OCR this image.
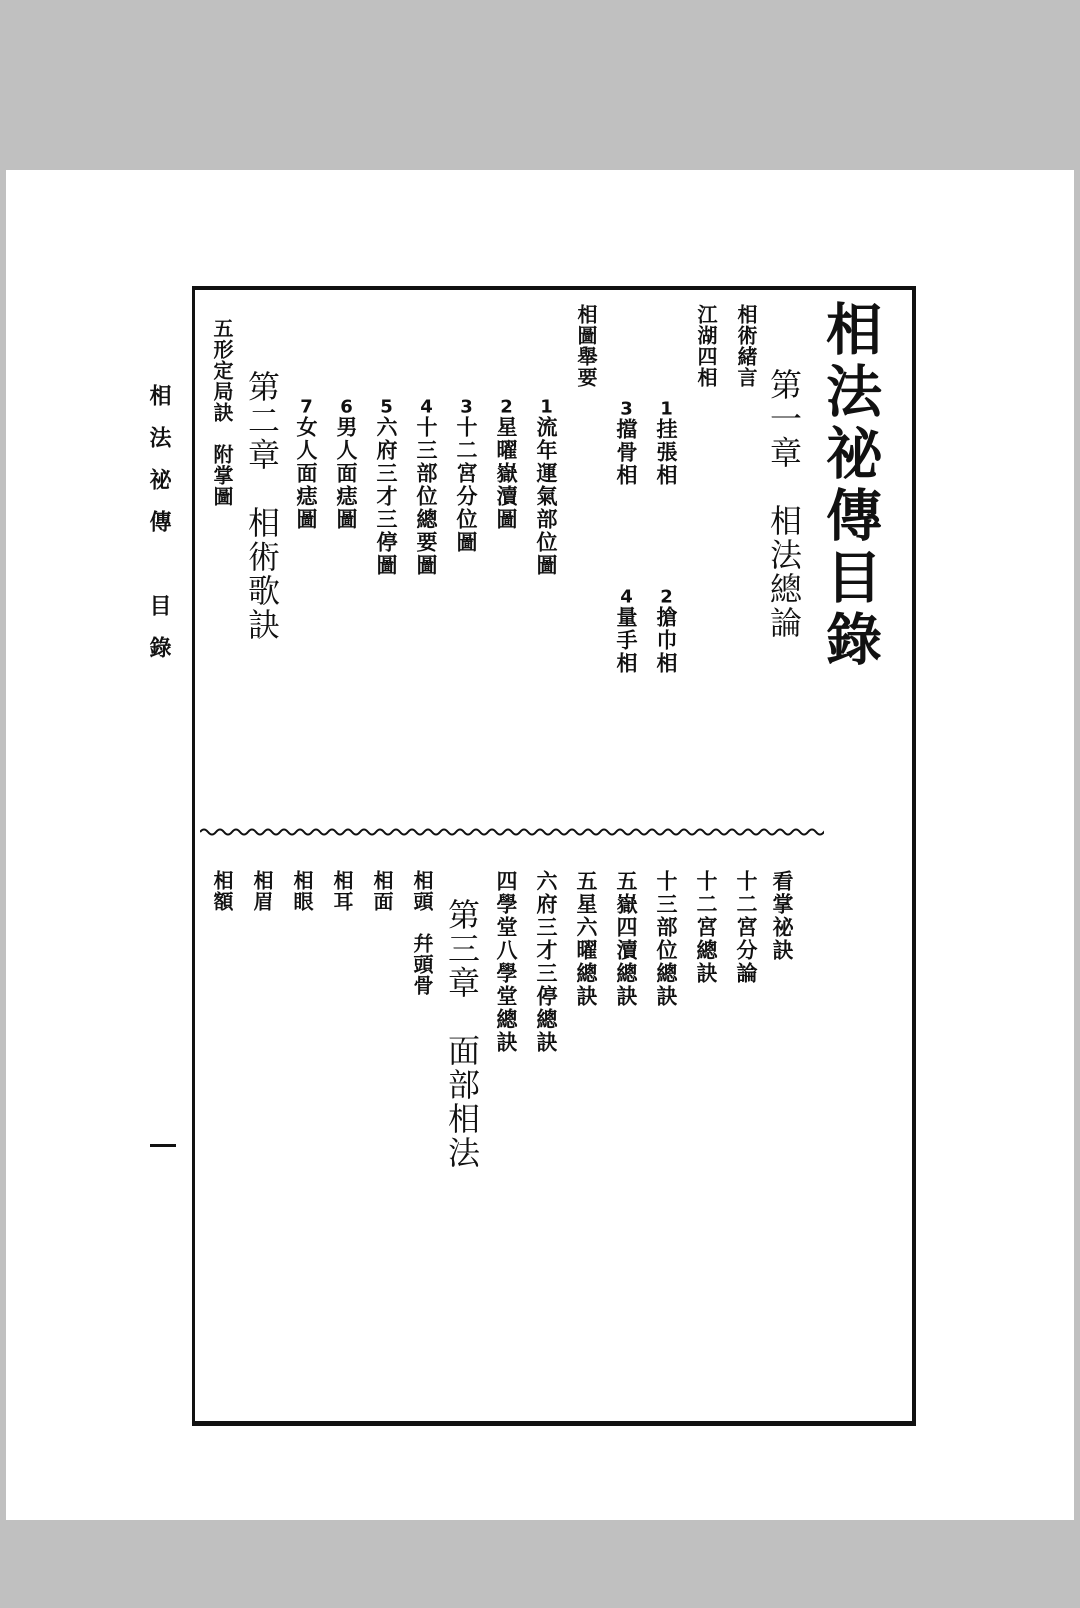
相法祕傳　目錄	相法祕傳目錄
第一章　相法總論
相術緒言
江湖四相

1挂張相

2搶巾相

3擋骨相

4量手相

相圖舉要

1流年運氣部位圖

2星曜嶽瀆圖

3十二宮分位圖

4十三部位總要圖

5六府三才三停圖

6男人面痣圖

7女人面痣圖

第二章　相術歌訣
五形定局訣　附掌圖
看掌祕訣
十二宮分論
十二宮總訣
十三部位總訣
五嶽四瀆總訣
五星六曜總訣
六府三才三停總訣
四學堂八學堂總訣
第三章　面部相法
相頭　幷頭骨
相面
相耳
相眼
相眉
相額
